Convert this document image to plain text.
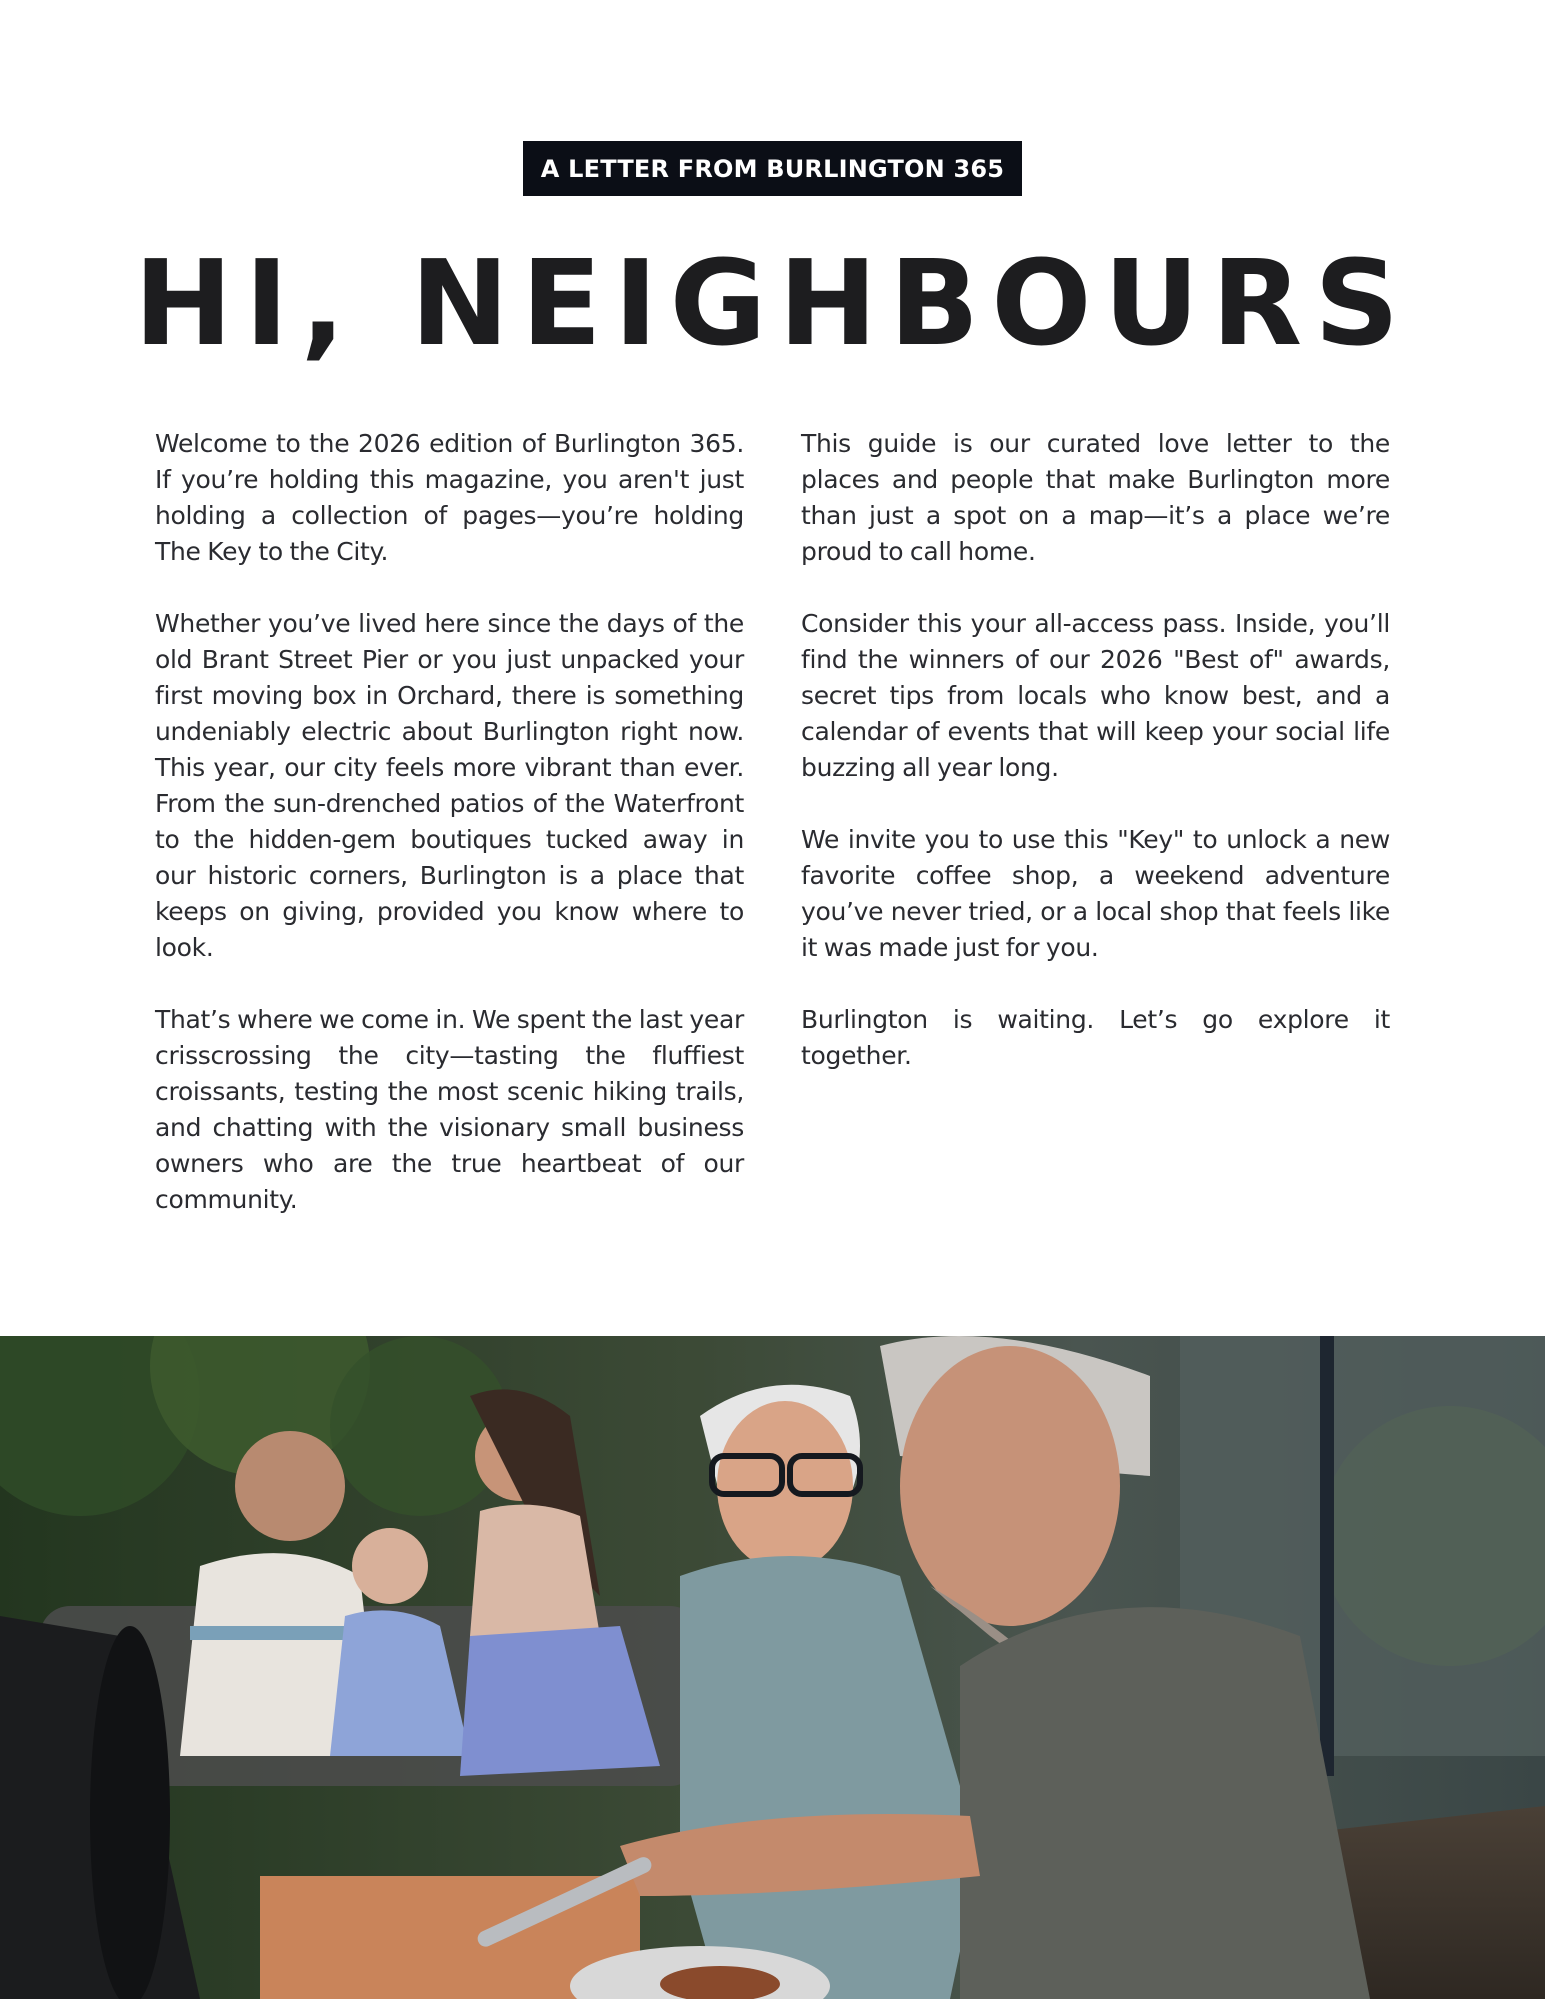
A LETTER FROM BURLINGTON 365
HI, NEIGHBOURS

Welcome to the 2026 edition of Burlington 365. If you’re holding this magazine, you aren't just holding a collection of pages—you’re holding The Key to the City.

Whether you’ve lived here since the days of the old Brant Street Pier or you just unpacked your first moving box in Orchard, there is something undeniably electric about Burlington right now. This year, our city feels more vibrant than ever. From the sun-drenched patios of the Waterfront to the hidden-gem boutiques tucked away in our historic corners, Burlington is a place that keeps on giving, provided you know where to look.

That’s where we come in. We spent the last year crisscrossing the city—tasting the fluffiest croissants, testing the most scenic hiking trails, and chatting with the visionary small business owners who are the true heartbeat of our community.

This guide is our curated love letter to the places and people that make Burlington more than just a spot on a map—it’s a place we’re proud to call home.

Consider this your all-access pass. Inside, you’ll find the winners of our 2026 "Best of" awards, secret tips from locals who know best, and a calendar of events that will keep your social life buzzing all year long.

We invite you to use this "Key" to unlock a new favorite coffee shop, a weekend adventure you’ve never tried, or a local shop that feels like it was made just for you.

Burlington is waiting. Let’s go explore it together.
